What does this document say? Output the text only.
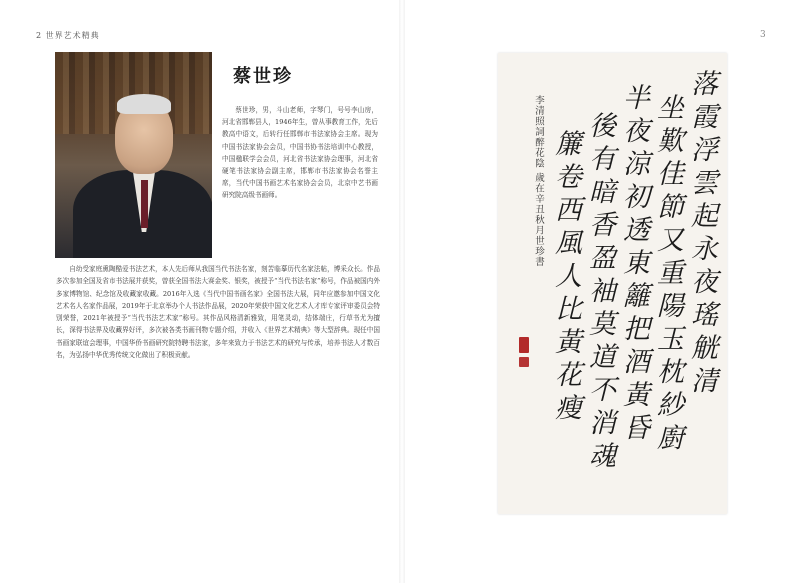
2 世界艺术精典	3
蔡世珍
蔡世珍，男，斗山老师，字琴门，号号李山房，河北省邯郸县人，1946年生，曾从事教育工作，先后教高中语文，后转行任邯郸市书法家协会主席。现为中国书法家协会会员，中国书协书法培训中心教授，中国楹联学会会员，河北省书法家协会理事，河北省硬笔书法家协会副主席，邯郸市书法家协会名誉主席，当代中国书画艺术名家协会会员，北京中艺书画研究院高级书画师。
自幼受家庭熏陶酷爱书法艺术，本人先后师从我国当代书法名家，刻苦临摹历代名家法帖，博采众长。作品多次参加全国及省市书法展并获奖，曾获全国书法大赛金奖、银奖，被授予“当代书法名家”称号，作品被国内外多家博物馆、纪念馆及收藏家收藏。2016年入选《当代中国书画名家》全国书法大展，同年应邀参加中国文化艺术名人名家作品展，2019年于北京举办个人书法作品展，2020年荣获中国文化艺术人才库专家评审委员会特别荣誉，2021年被授予“当代书法艺术家”称号。其作品风格清新雅致，用笔灵动，结体端庄，行草书尤为擅长，深得书法界及收藏界好评，多次被各类书画刊物专题介绍，并收入《世界艺术精典》等大型辞典。现任中国书画家联谊会理事，中国华侨书画研究院特聘书法家，多年来致力于书法艺术的研究与传承，培养书法人才数百名，为弘扬中华优秀传统文化做出了积极贡献。	落霞浮雲起永夜瑤觥清
坐歎佳節又重陽玉枕紗廚
半夜涼初透東籬把酒黃昏
後有暗香盈袖莫道不消魂
簾卷西風人比黃花瘦
李清照詞醉花陰 歲在辛丑秋月世珍書
